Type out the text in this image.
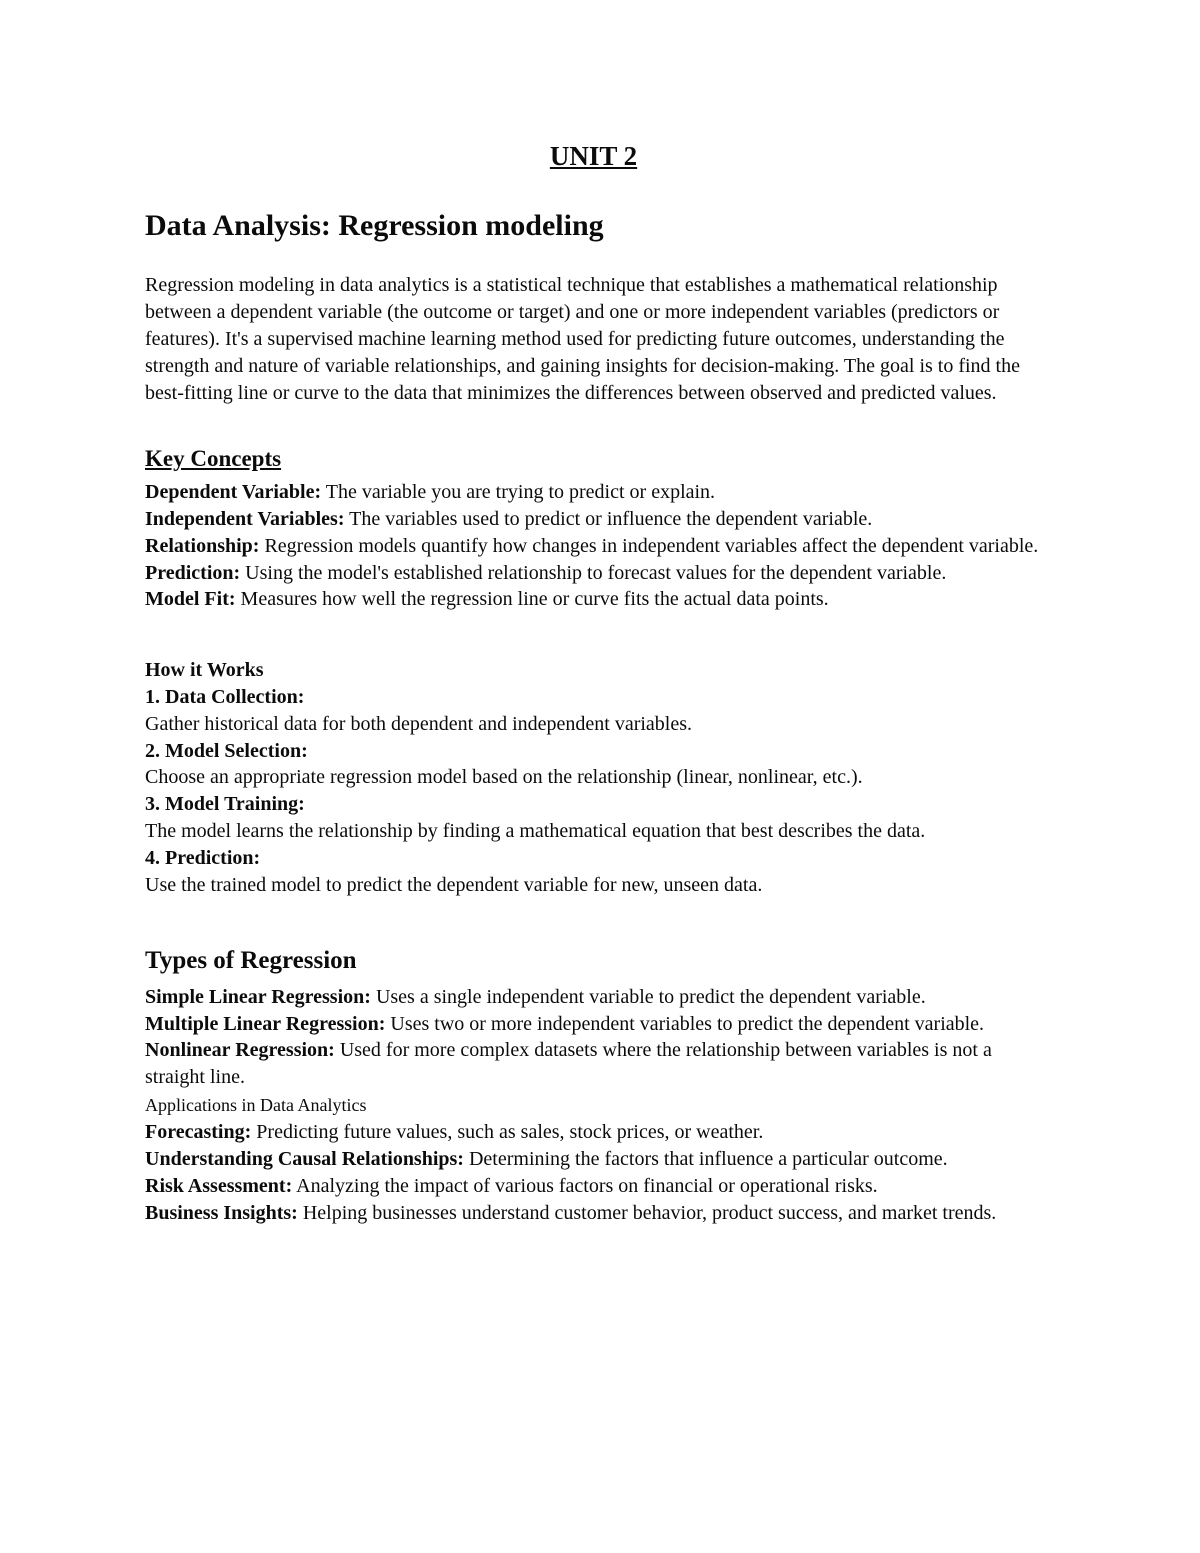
UNIT 2
Data Analysis: Regression modeling

Regression modeling in data analytics is a statistical technique that establishes a mathematical relationship between a dependent variable (the outcome or target) and one or more independent variables (predictors or features). It's a supervised machine learning method used for predicting future outcomes, understanding the strength and nature of variable relationships, and gaining insights for decision-making. The goal is to find the best-fitting line or curve to the data that minimizes the differences between observed and predicted values.

Key Concepts

Dependent Variable: The variable you are trying to predict or explain.

Independent Variables: The variables used to predict or influence the dependent variable.

Relationship: Regression models quantify how changes in independent variables affect the dependent variable.

Prediction: Using the model's established relationship to forecast values for the dependent variable.

Model Fit: Measures how well the regression line or curve fits the actual data points.

How it Works

1. Data Collection:

Gather historical data for both dependent and independent variables.

2. Model Selection:

Choose an appropriate regression model based on the relationship (linear, nonlinear, etc.).

3. Model Training:

The model learns the relationship by finding a mathematical equation that best describes the data.

4. Prediction:

Use the trained model to predict the dependent variable for new, unseen data.

Types of Regression

Simple Linear Regression: Uses a single independent variable to predict the dependent variable.

Multiple Linear Regression: Uses two or more independent variables to predict the dependent variable.

Nonlinear Regression: Used for more complex datasets where the relationship between variables is not a straight line.

Applications in Data Analytics

Forecasting: Predicting future values, such as sales, stock prices, or weather.

Understanding Causal Relationships: Determining the factors that influence a particular outcome.

Risk Assessment: Analyzing the impact of various factors on financial or operational risks.

Business Insights: Helping businesses understand customer behavior, product success, and market trends.
